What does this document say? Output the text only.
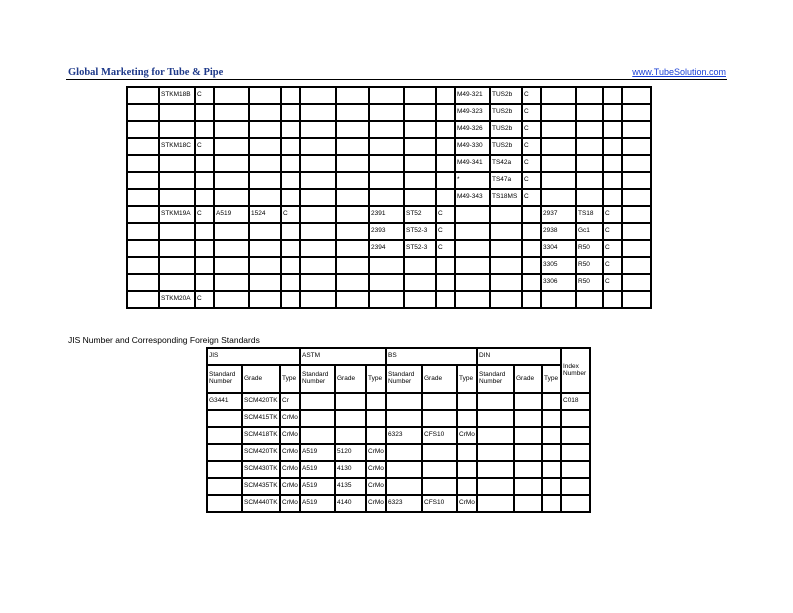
Global Marketing for Tube & Pipe	www.TubeSolution.com
	STKM18B	C									M49-321	TUS2b	C				
											M49-323	TUS2b	C				
											M49-326	TUS2b	C				
	STKM18C	C									M49-330	TUS2b	C				
											M49-341	TS42a	C				
											*	TS47a	C				
											M49-343	TS18MS	C				
	STKM19A	C	A519	1524	C			2391	ST52	C				2937	TS18	C	
								2393	ST52-3	C				2938	Gc1	C	
								2394	ST52-3	C				3304	R50	C	
														3305	R50	C	
														3306	R50	C	
	STKM20A	C															
JIS Number and Corresponding Foreign Standards
JIS			ASTM			BS			DIN			Index Number
Standard Number	Grade	Type	Standard Number	Grade	Type	Standard Number	Grade	Type	Standard Number	Grade	Type	
G3441	SCM420TK	Cr										C018
	SCM415TK	CrMo										
	SCM418TK	CrMo				6323	CFS10	CrMo				
	SCM420TK	CrMo	A519	5120	CrMo							
	SCM430TK	CrMo	A519	4130	CrMo							
	SCM435TK	CrMo	A519	4135	CrMo							
	SCM440TK	CrMo	A519	4140	CrMo	6323	CFS10	CrMo				
